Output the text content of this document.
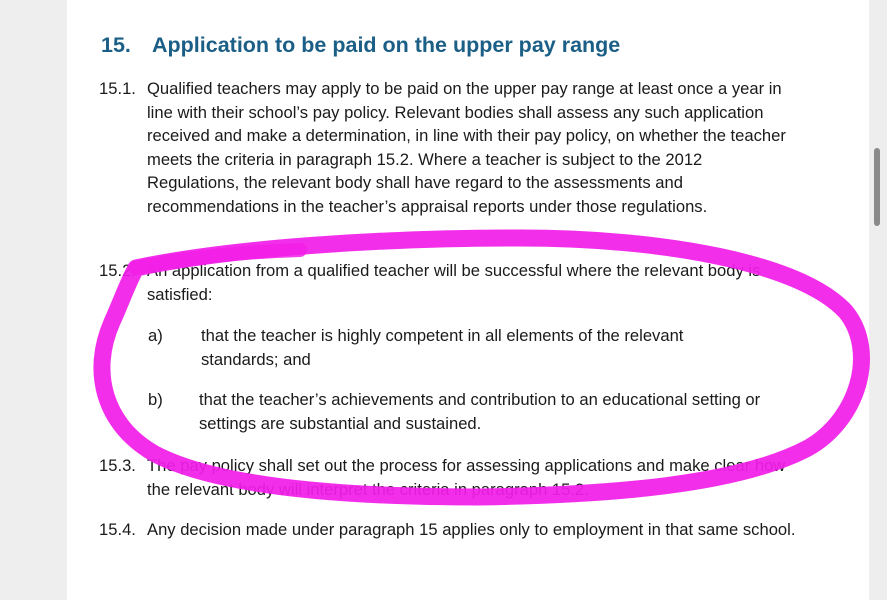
15. Application to be paid on the upper pay range
15.1. Qualified teachers may apply to be paid on the upper pay range at least once a year in line with their school’s pay policy. Relevant bodies shall assess any such application received and make a determination, in line with their pay policy, on whether the teacher meets the criteria in paragraph 15.2. Where a teacher is subject to the 2012 Regulations, the relevant body shall have regard to the assessments and recommendations in the teacher’s appraisal reports under those regulations.
15.2. An application from a qualified teacher will be successful where the relevant body is satisfied:
a) that the teacher is highly competent in all elements of the relevant standards; and
b) that the teacher’s achievements and contribution to an educational setting or settings are substantial and sustained.
15.3. The pay policy shall set out the process for assessing applications and make clear how the relevant body will interpret the criteria in paragraph 15.2.
15.4. Any decision made under paragraph 15 applies only to employment in that same school.
